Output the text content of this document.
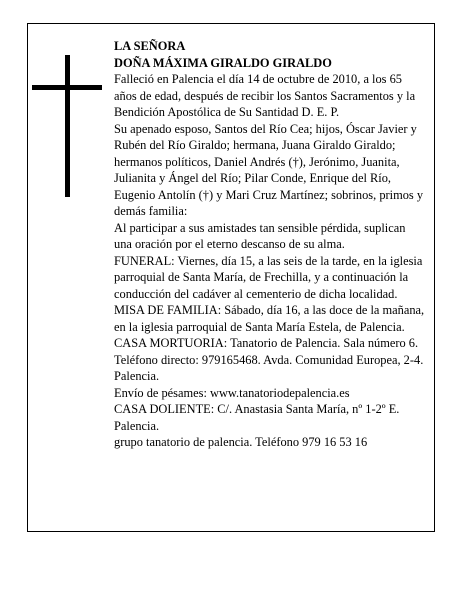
LA SEÑORA

DOÑA MÁXIMA GIRALDO GIRALDO

Falleció en Palencia el día 14 de octubre de 2010, a los 65 años de edad, después de recibir los Santos Sacramentos y la Bendición Apostólica de Su Santidad D. E. P.

Su apenado esposo, Santos del Río Cea; hijos, Óscar Javier y Rubén del Río Giraldo; hermana, Juana Giraldo Giraldo; hermanos políticos, Daniel Andrés (†), Jerónimo, Juanita, Julianita y Ángel del Río; Pilar Conde, Enrique del Río, Eugenio Antolín (†) y Mari Cruz Martínez; sobrinos, primos y demás familia:

Al participar a sus amistades tan sensible pérdida, suplican una oración por el eterno descanso de su alma.

FUNERAL: Viernes, día 15, a las seis de la tarde, en la iglesia parroquial de Santa María, de Frechilla, y a continuación la conducción del cadáver al cementerio de dicha localidad.

MISA DE FAMILIA: Sábado, día 16, a las doce de la mañana, en la iglesia parroquial de Santa María Estela, de Palencia.

CASA MORTUORIA: Tanatorio de Palencia. Sala número 6. Teléfono directo: 979165468. Avda. Comunidad Europea, 2-4. Palencia.

Envío de pésames: www.tanatoriodepalencia.es

CASA DOLIENTE: C/. Anastasia Santa María, nº 1-2º E. Palencia.

grupo tanatorio de palencia. Teléfono 979 16 53 16
